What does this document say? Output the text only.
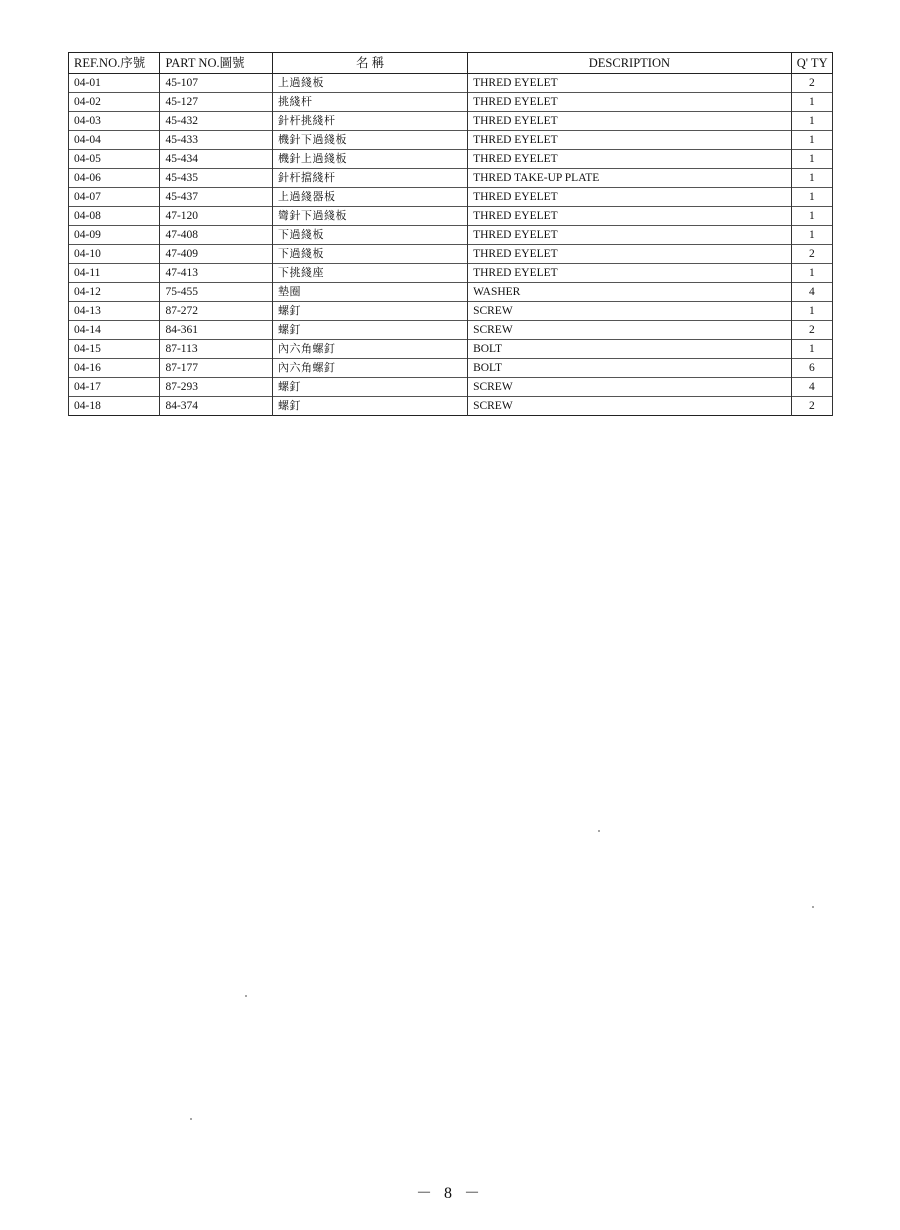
REF.NO.序號	PART NO.圖號	名 稱	DESCRIPTION	Q' TY
04-01	45-107	上過綫板	THRED EYELET	2
04-02	45-127	挑綫杆	THRED EYELET	1
04-03	45-432	針杆挑綫杆	THRED EYELET	1
04-04	45-433	機針下過綫板	THRED EYELET	1
04-05	45-434	機針上過綫板	THRED EYELET	1
04-06	45-435	針杆擋綫杆	THRED TAKE-UP PLATE	1
04-07	45-437	上過綫器板	THRED EYELET	1
04-08	47-120	彎針下過綫板	THRED EYELET	1
04-09	47-408	下過綫板	THRED EYELET	1
04-10	47-409	下過綫板	THRED EYELET	2
04-11	47-413	下挑綫座	THRED EYELET	1
04-12	75-455	墊圈	WASHER	4
04-13	87-272	螺釘	SCREW	1
04-14	84-361	螺釘	SCREW	2
04-15	87-113	內六角螺釘	BOLT	1
04-16	87-177	內六角螺釘	BOLT	6
04-17	87-293	螺釘	SCREW	4
04-18	84-374	螺釘	SCREW	2
－ 8 －
